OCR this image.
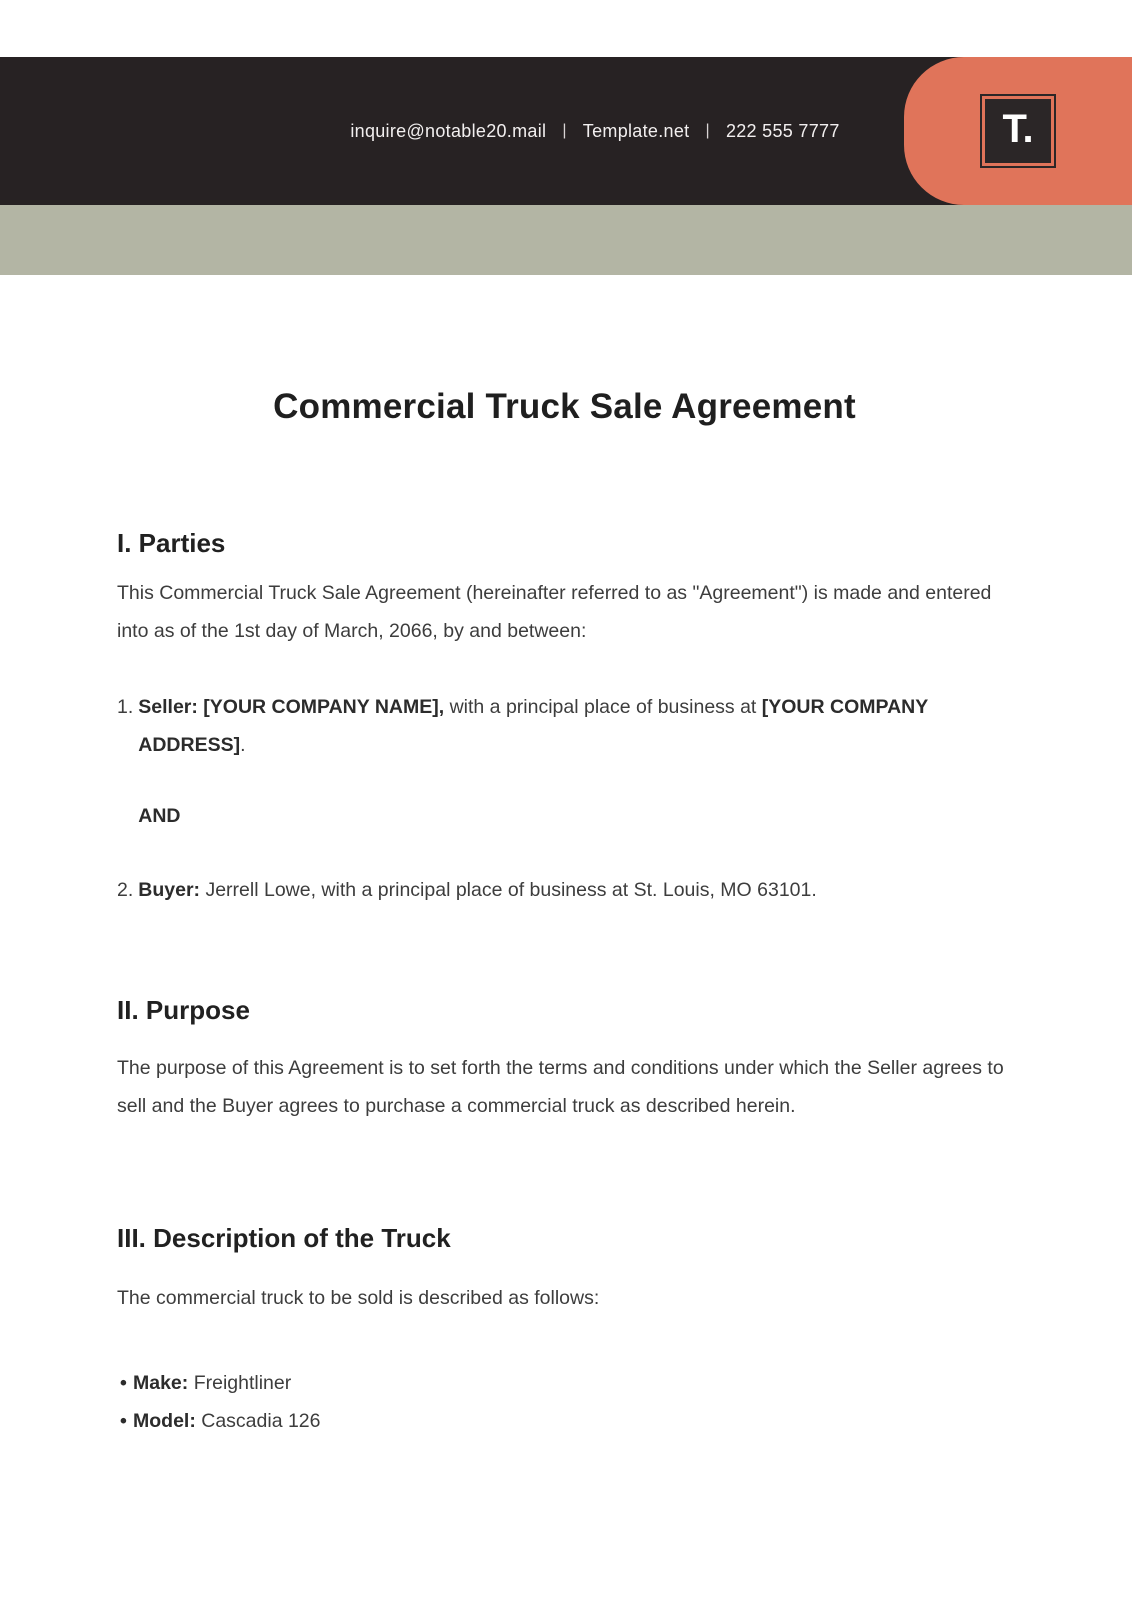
inquire@notable20.mail | Template.net | 222 555 7777	T.
Commercial Truck Sale Agreement
I. Parties

This Commercial Truck Sale Agreement (hereinafter referred to as "Agreement") is made and entered into as of the 1st day of March, 2066, by and between:

1. Seller: [YOUR COMPANY NAME], with a principal place of business at [YOUR COMPANY ADDRESS].
AND
2. Buyer: Jerrell Lowe, with a principal place of business at St. Louis, MO 63101.
II. Purpose

The purpose of this Agreement is to set forth the terms and conditions under which the Seller agrees to sell and the Buyer agrees to purchase a commercial truck as described herein.

III. Description of the Truck

The commercial truck to be sold is described as follows:

• Make: Freightliner
• Model: Cascadia 126
